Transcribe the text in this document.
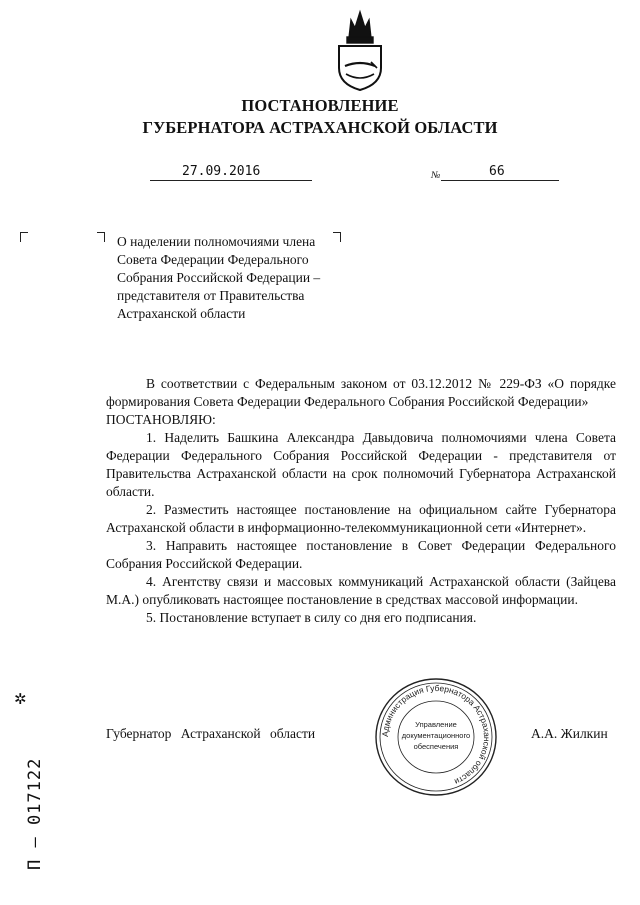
ПОСТАНОВЛЕНИЕ
ГУБЕРНАТОРА АСТРАХАНСКОЙ ОБЛАСТИ
27.09.2016	№	66
О наделении полномочиями члена
Совета Федерации Федерального
Собрания Российской Федерации –
представителя от Правительства
Астраханской области

В соответствии с Федеральным законом от 03.12.2012 № 229-ФЗ «О порядке формирования Совета Федерации Федерального Собрания Российской Федерации»

ПОСТАНОВЛЯЮ:

1. Наделить Башкина Александра Давыдовича полномочиями члена Совета Федерации Федерального Собрания Российской Федерации - представителя от Правительства Астраханской области на срок полномочий Губернатора Астраханской области.

2. Разместить настоящее постановление на официальном сайте Губернатора Астраханской области в информационно-телекоммуникационной сети «Интернет».

3. Направить настоящее постановление в Совет Федерации Федерального Собрания Российской Федерации.

4. Агентству связи и массовых коммуникаций Астраханской области (Зайцева М.А.) опубликовать настоящее постановление в средствах массовой информации.

5. Постановление вступает в силу со дня его подписания.

Губернатор Астраханской области	А.А. Жилкин
Администрация Губернатора Астраханской области
Управление
документационного
обеспечения
✲
П – 017122
